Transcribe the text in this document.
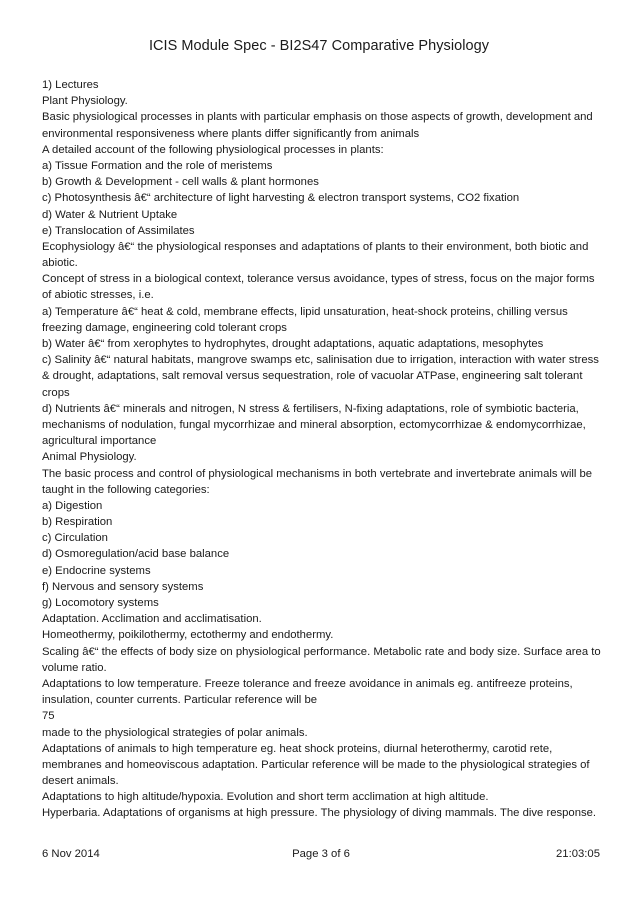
ICIS Module Spec - BI2S47 Comparative Physiology

1) Lectures

Plant Physiology.

Basic physiological processes in plants with particular emphasis on those aspects of growth, development and

environmental responsiveness where plants differ significantly from animals

A detailed account of the following physiological processes in plants:

a) Tissue Formation and the role of meristems

b) Growth & Development - cell walls & plant hormones

c) Photosynthesis â€“ architecture of light harvesting & electron transport systems, CO2 fixation

d) Water & Nutrient Uptake

e) Translocation of Assimilates

Ecophysiology â€“ the physiological responses and adaptations of plants to their environment, both biotic and

abiotic.

Concept of stress in a biological context, tolerance versus avoidance, types of stress, focus on the major forms

of abiotic stresses, i.e.

a) Temperature â€“ heat & cold, membrane effects, lipid unsaturation, heat-shock proteins, chilling versus

freezing damage, engineering cold tolerant crops

b) Water â€“ from xerophytes to hydrophytes, drought adaptations, aquatic adaptations, mesophytes

c) Salinity â€“ natural habitats, mangrove swamps etc, salinisation due to irrigation, interaction with water stress

& drought, adaptations, salt removal versus sequestration, role of vacuolar ATPase, engineering salt tolerant

crops

d) Nutrients â€“ minerals and nitrogen, N stress & fertilisers, N-fixing adaptations, role of symbiotic bacteria,

mechanisms of nodulation, fungal mycorrhizae and mineral absorption, ectomycorrhizae & endomycorrhizae,

agricultural importance

Animal Physiology.

The basic process and control of physiological mechanisms in both vertebrate and invertebrate animals will be

taught in the following categories:

a) Digestion

b) Respiration

c) Circulation

d) Osmoregulation/acid base balance

e) Endocrine systems

f) Nervous and sensory systems

g) Locomotory systems

Adaptation. Acclimation and acclimatisation.

Homeothermy, poikilothermy, ectothermy and endothermy.

Scaling â€“ the effects of body size on physiological performance. Metabolic rate and body size. Surface area to

volume ratio.

Adaptations to low temperature. Freeze tolerance and freeze avoidance in animals eg. antifreeze proteins,

insulation, counter currents. Particular reference will be

75

made to the physiological strategies of polar animals.

Adaptations of animals to high temperature eg. heat shock proteins, diurnal heterothermy, carotid rete,

membranes and homeoviscous adaptation. Particular reference will be made to the physiological strategies of

desert animals.

Adaptations to high altitude/hypoxia. Evolution and short term acclimation at high altitude.

Hyperbaria. Adaptations of organisms at high pressure. The physiology of diving mammals. The dive response.

6 Nov 2014	Page 3 of 6	21:03:05
